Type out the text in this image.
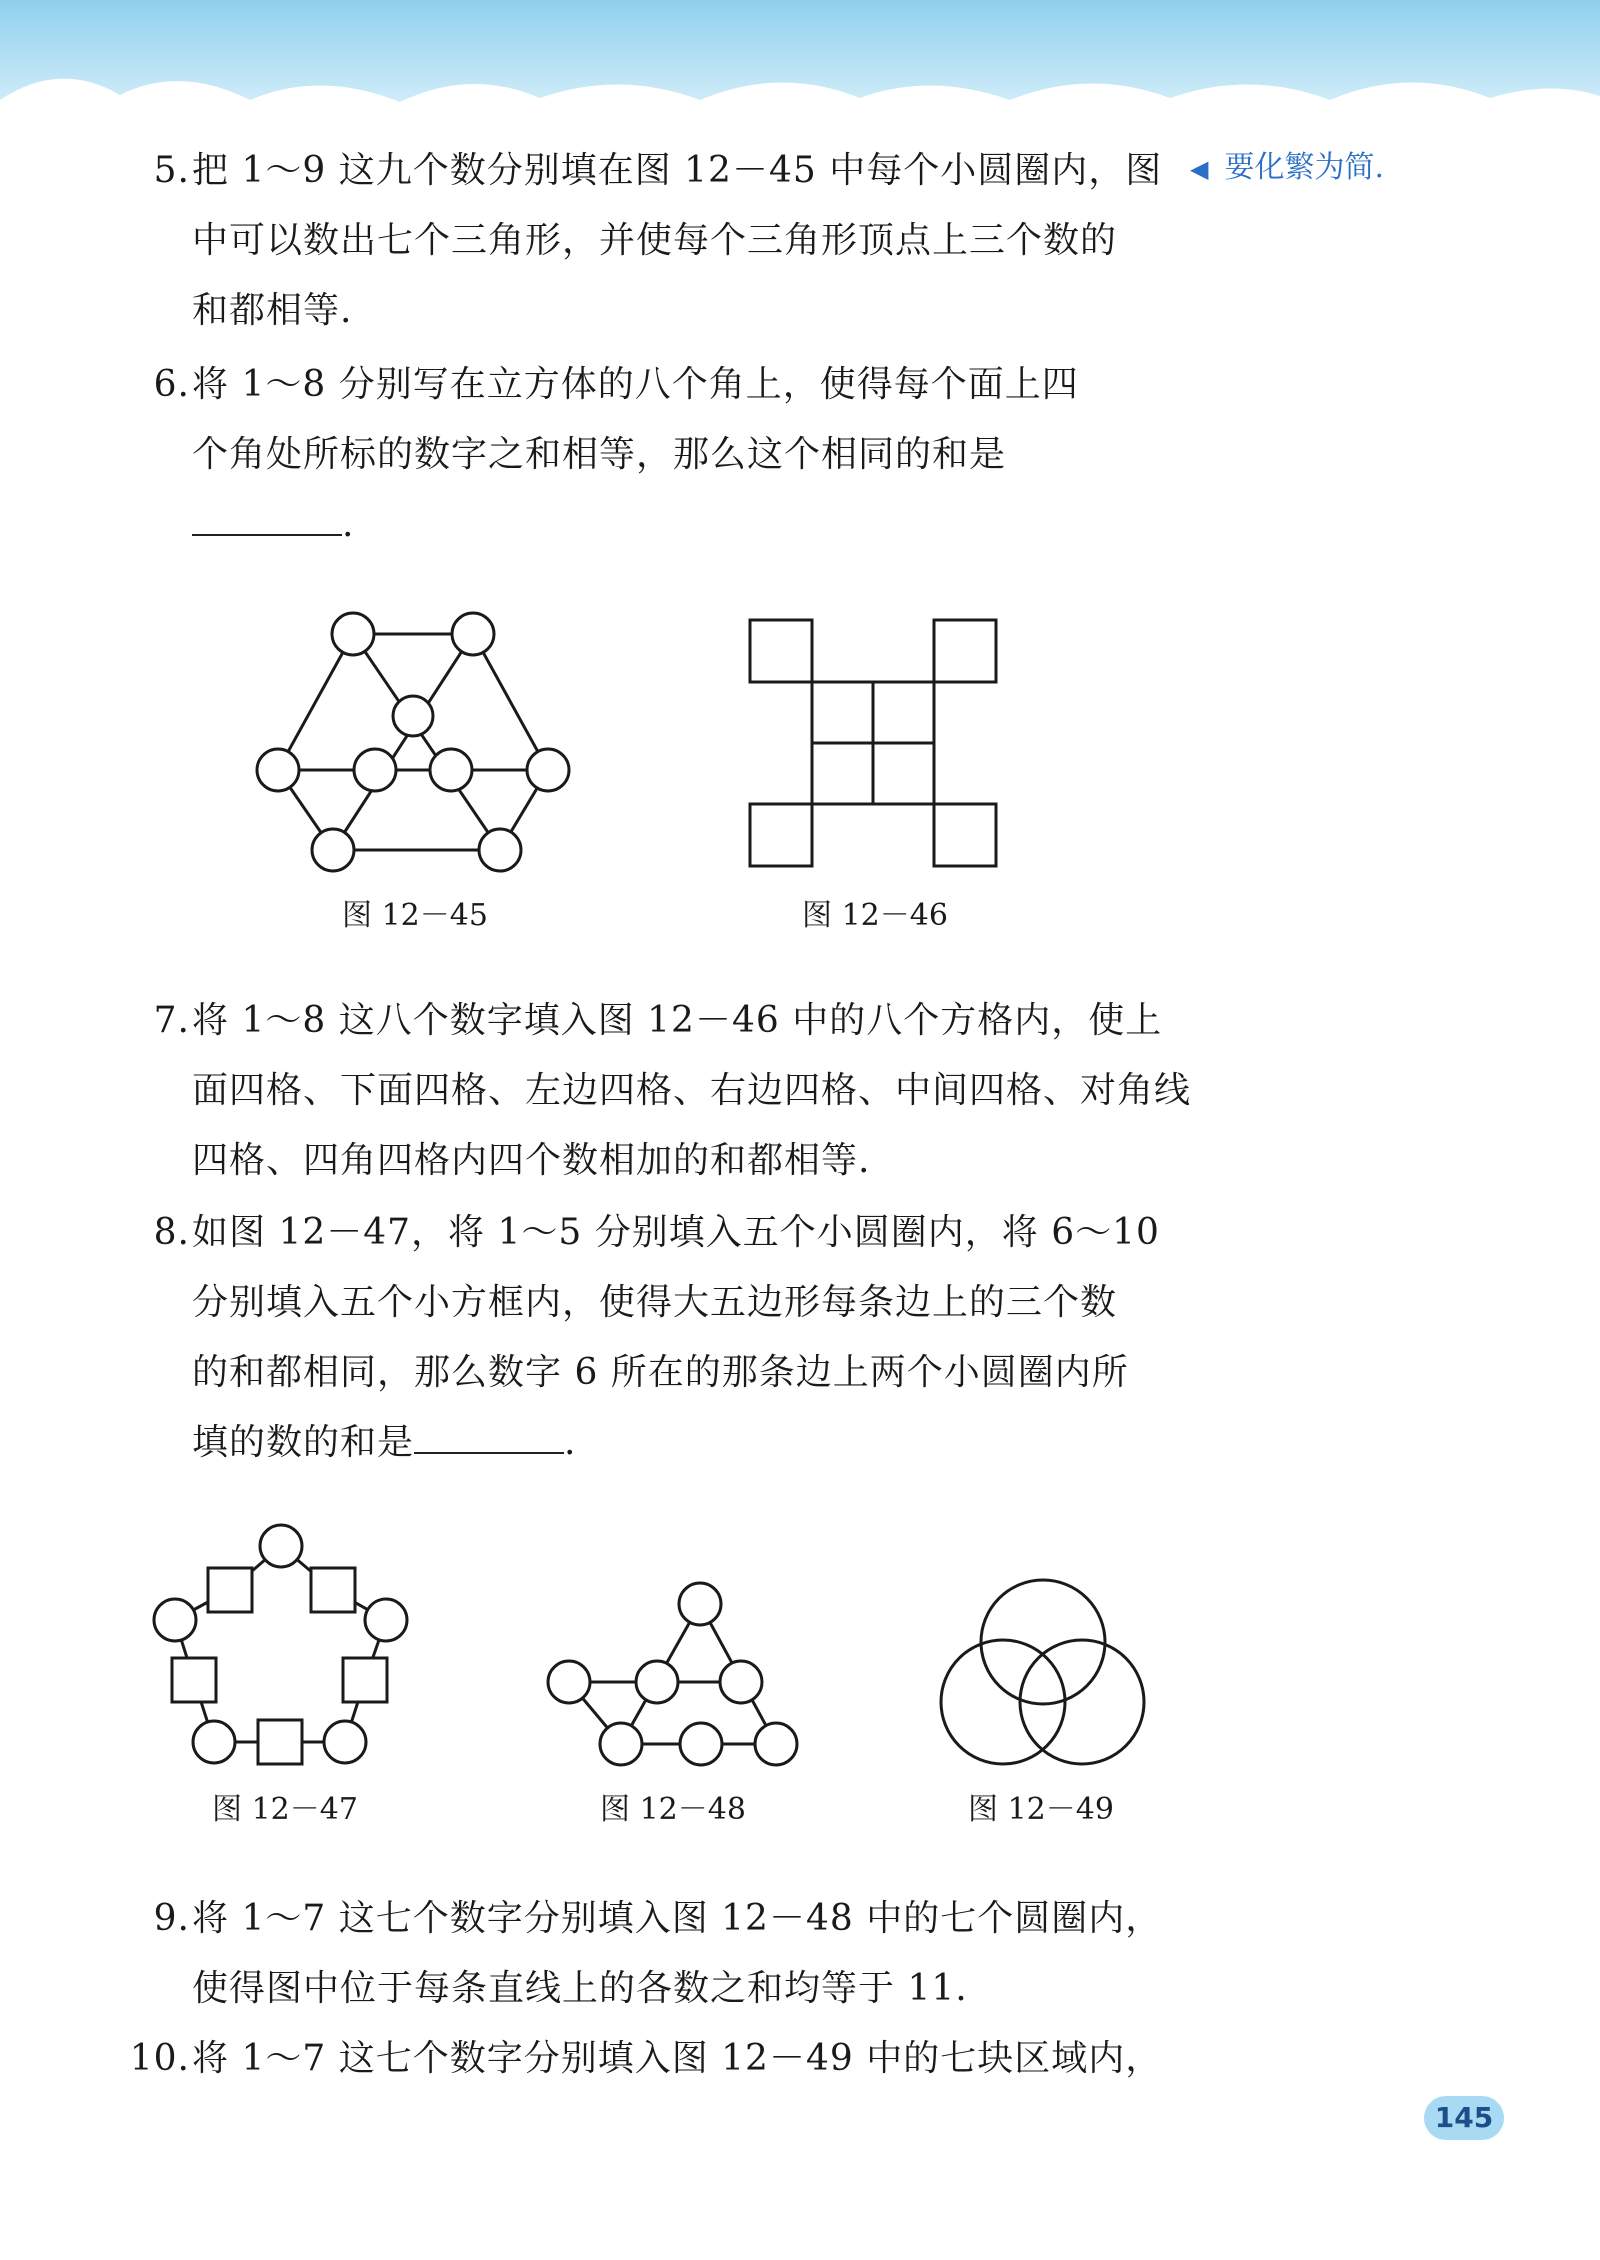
◀ 要化繁为简.
5. 把 1～9 这九个数分别填在图 12－45 中每个小圆圈内，图
中可以数出七个三角形，并使每个三角形顶点上三个数的
和都相等.
6. 将 1～8 分别写在立方体的八个角上，使得每个面上四
个角处所标的数字之和相等，那么这个相同的和是
.
图 12－45	图 12－46
7. 将 1～8 这八个数字填入图 12－46 中的八个方格内，使上
面四格、下面四格、左边四格、右边四格、中间四格、对角线
四格、四角四格内四个数相加的和都相等.
8. 如图 12－47，将 1～5 分别填入五个小圆圈内，将 6～10
分别填入五个小方框内，使得大五边形每条边上的三个数
的和都相同，那么数字 6 所在的那条边上两个小圆圈内所
填的数的和是	.
图 12－47	图 12－48	图 12－49
9. 将 1～7 这七个数字分别填入图 12－48 中的七个圆圈内，
使得图中位于每条直线上的各数之和均等于 11.
10. 将 1～7 这七个数字分别填入图 12－49 中的七块区域内，
145
